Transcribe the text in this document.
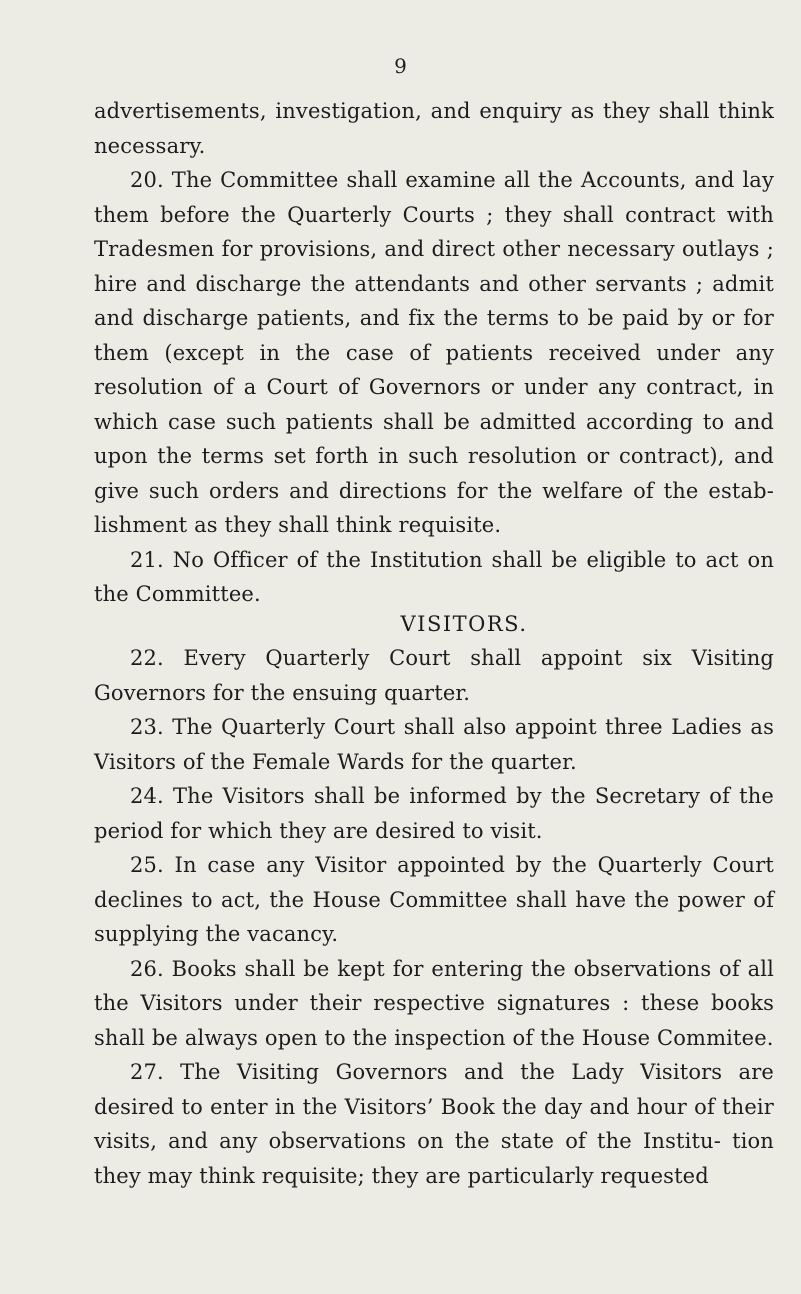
9

advertisements, investigation, and enquiry as they shall think necessary.

20. The Committee shall examine all the Accounts, and lay them before the Quarterly Courts ; they shall contract with Tradesmen for provisions, and direct other necessary outlays ; hire and discharge the attendants and other servants ; admit and discharge patients, and fix the terms to be paid by or for them (except in the case of patients received under any resolution of a Court of Governors or under any contract, in which case such patients shall be admitted according to and upon the terms set forth in such resolution or contract), and give such orders and directions for the welfare of the estab- lishment as they shall think requisite.

21. No Officer of the Institution shall be eligible to act on the Committee.

VISITORS.

22. Every Quarterly Court shall appoint six Visiting Governors for the ensuing quarter.

23. The Quarterly Court shall also appoint three Ladies as Visitors of the Female Wards for the quarter.

24. The Visitors shall be informed by the Secretary of the period for which they are desired to visit.

25. In case any Visitor appointed by the Quarterly Court declines to act, the House Committee shall have the power of supplying the vacancy.

26. Books shall be kept for entering the observations of all the Visitors under their respective signatures : these books shall be always open to the inspection of the House Commitee.

27. The Visiting Governors and the Lady Visitors are desired to enter in the Visitors’ Book the day and hour of their visits, and any observations on the state of the Institu- tion they may think requisite; they are particularly requested
